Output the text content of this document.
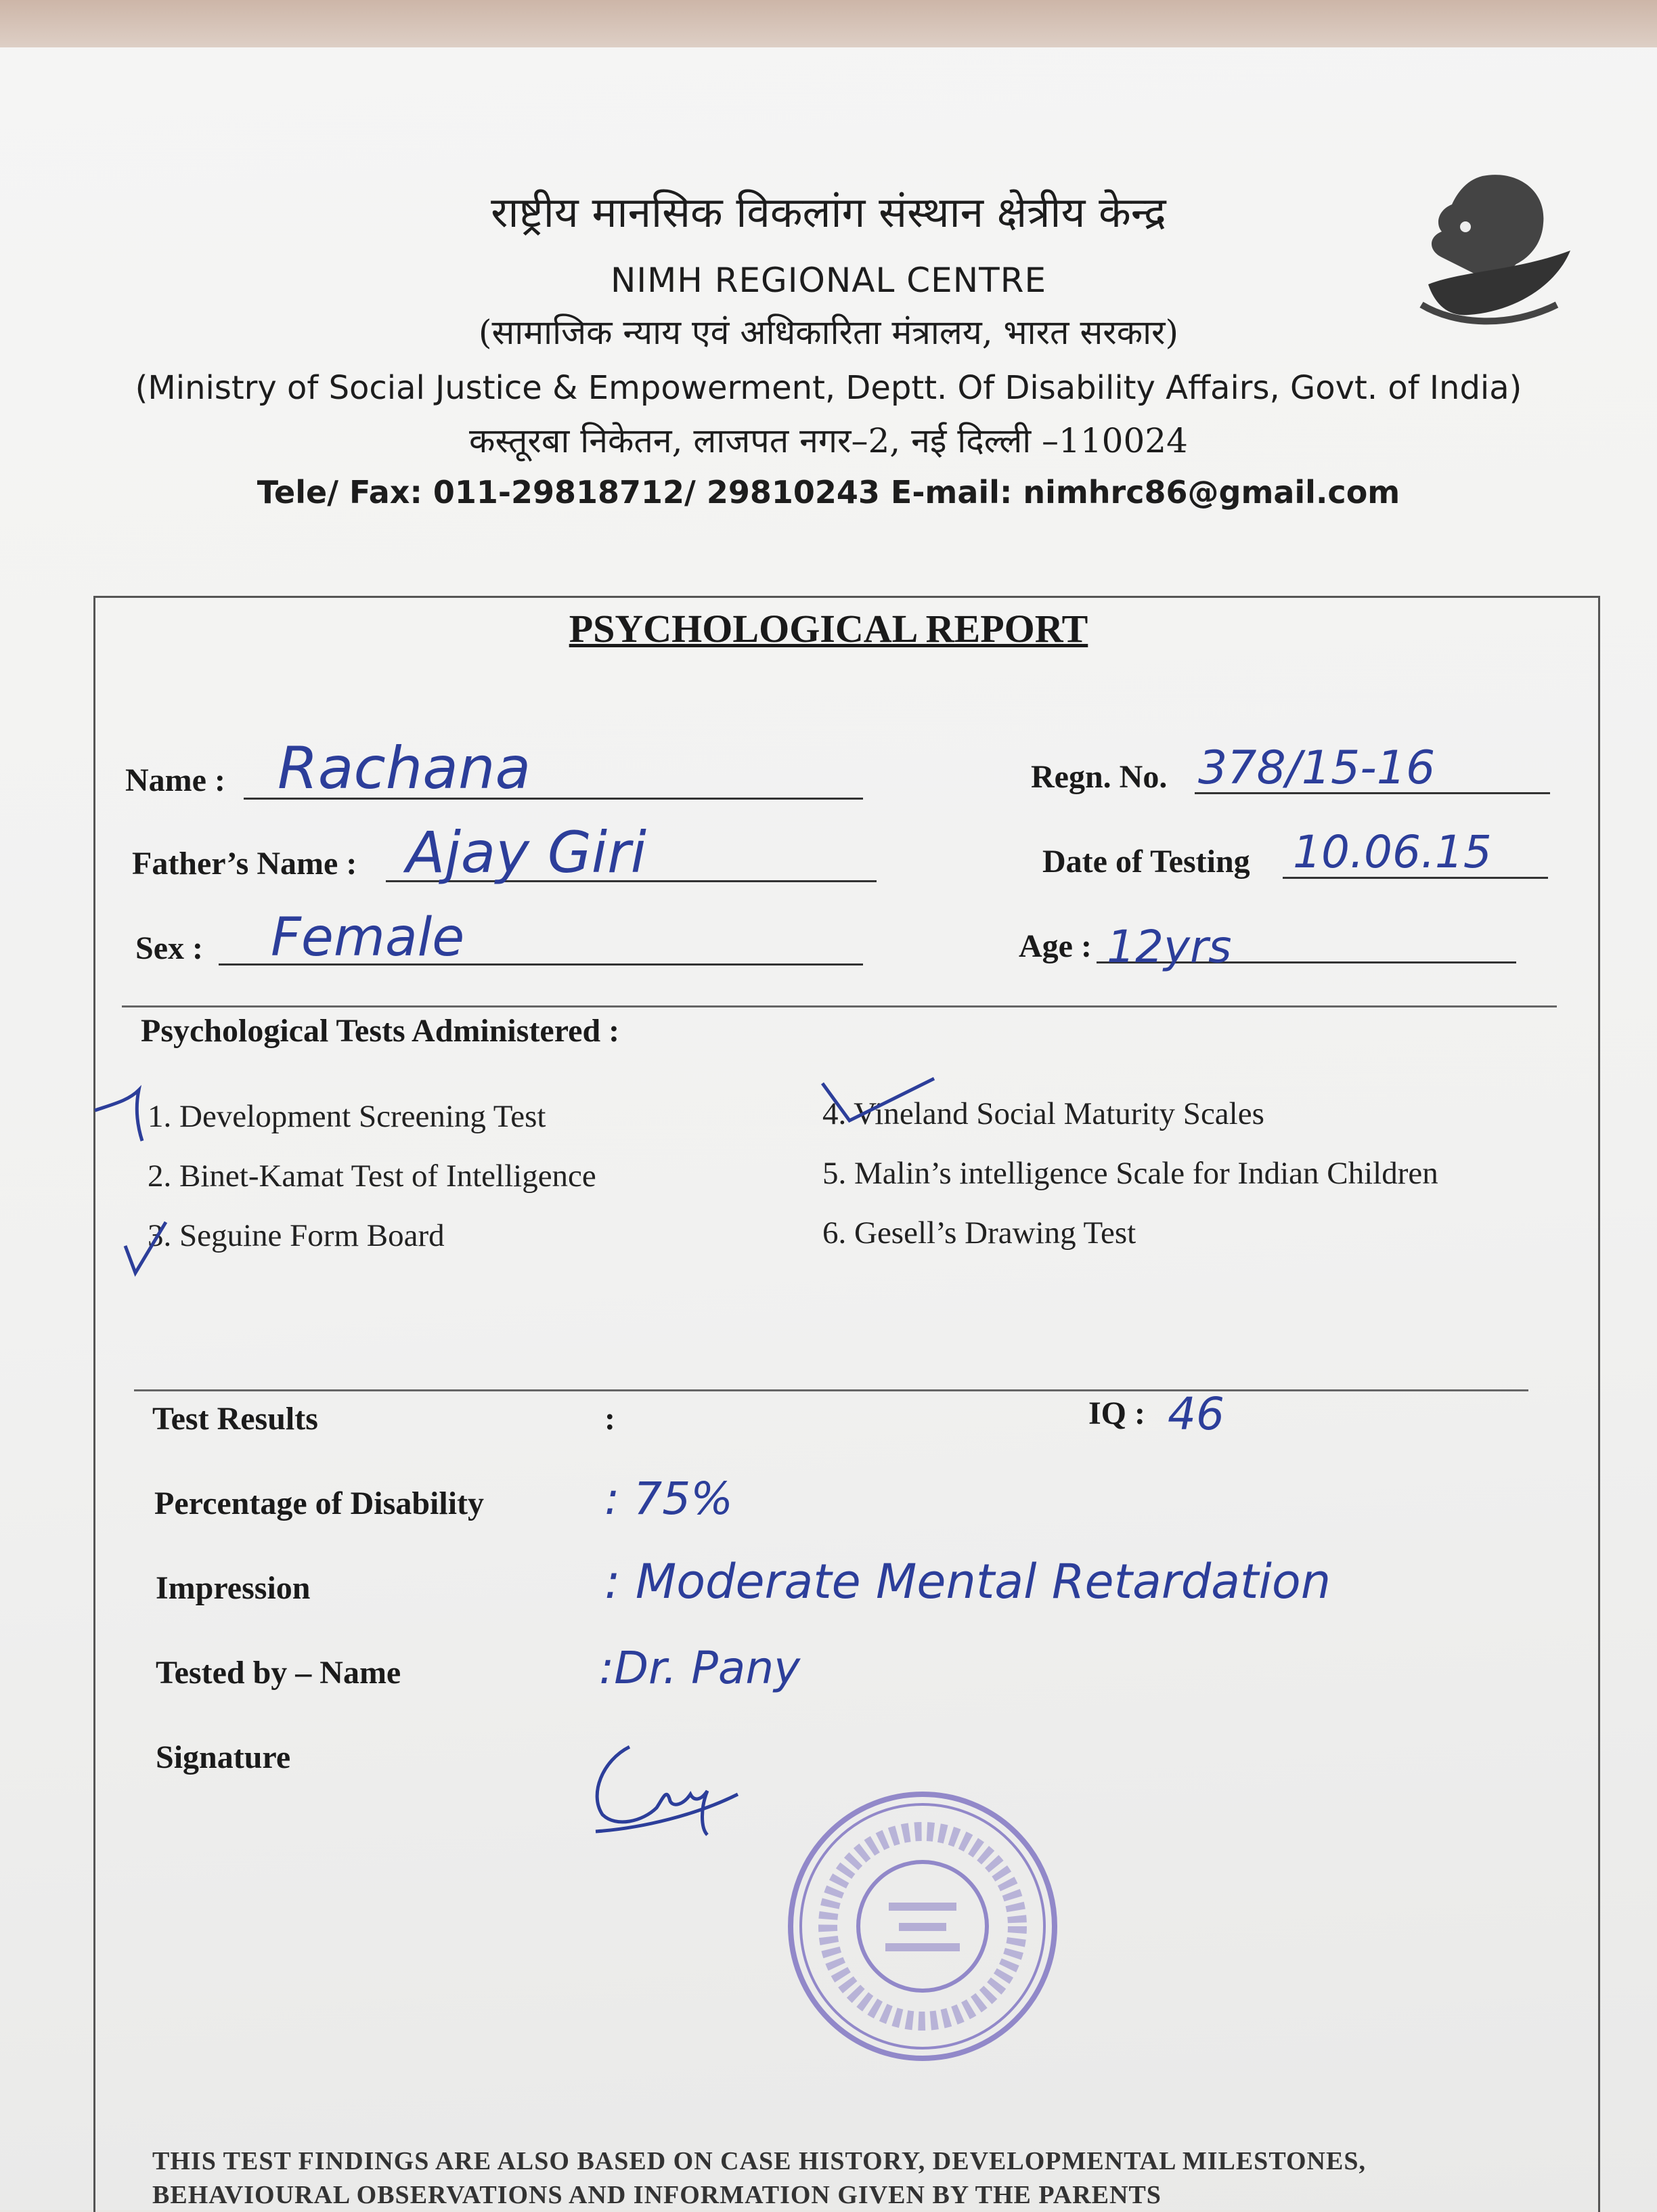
राष्ट्रीय मानसिक विकलांग संस्थान क्षेत्रीय केन्द्र
NIMH REGIONAL CENTRE
(सामाजिक न्याय एवं अधिकारिता मंत्रालय, भारत सरकार)
(Ministry of Social Justice & Empowerment, Deptt. Of Disability Affairs, Govt. of India)
कस्तूरबा निकेतन, लाजपत नगर–2, नई दिल्ली –110024
Tele/ Fax: 011-29818712/ 29810243 E-mail: nimhrc86@gmail.com
PSYCHOLOGICAL REPORT
Name : Rachana	Regn. No. 378/15-16
Father’s Name : Ajay Giri	Date of Testing 10.06.15
Sex : Female	Age : 12yrs
Psychological Tests Administered :
1. Development Screening Test
2. Binet-Kamat Test of Intelligence
3. Seguine Form Board
4. Vineland Social Maturity Scales
5. Malin’s intelligence Scale for Indian Children
6. Gesell’s Drawing Test
Test Results	:	IQ : 46
Percentage of Disability	: 75%
Impression	: Moderate Mental Retardation
Tested by – Name	:Dr. Pany
Signature
THIS TEST FINDINGS ARE ALSO BASED ON CASE HISTORY, DEVELOPMENTAL MILESTONES,
BEHAVIOURAL OBSERVATIONS AND INFORMATION GIVEN BY THE PARENTS
